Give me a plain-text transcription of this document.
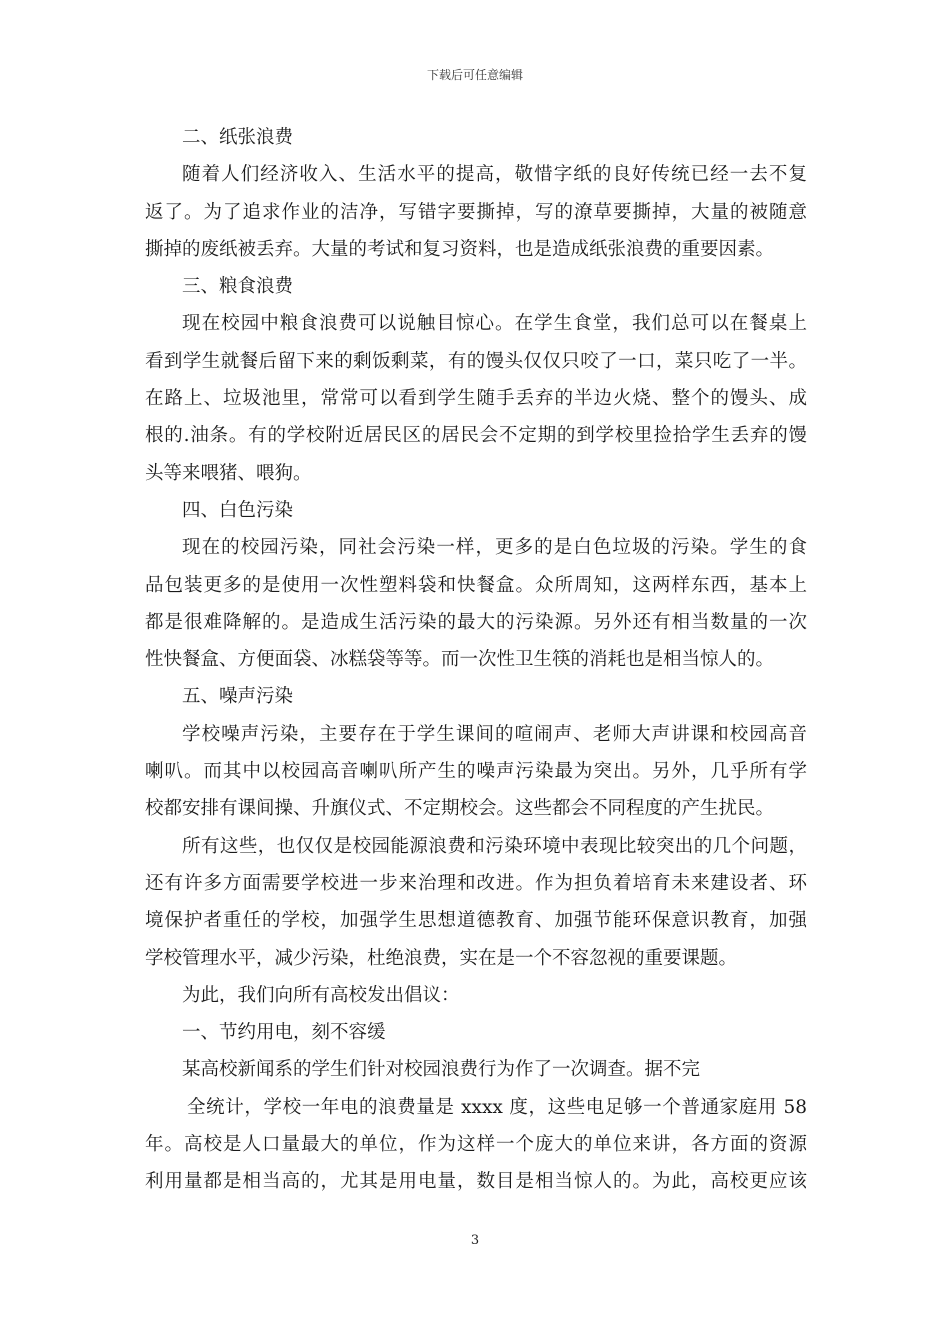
下载后可任意编辑
二、纸张浪费
随着人们经济收入、生活水平的提高，敬惜字纸的良好传统已经一去不复
返了。为了追求作业的洁净，写错字要撕掉，写的潦草要撕掉，大量的被随意
撕掉的废纸被丢弃。大量的考试和复习资料，也是造成纸张浪费的重要因素。
三、粮食浪费
现在校园中粮食浪费可以说触目惊心。在学生食堂，我们总可以在餐桌上
看到学生就餐后留下来的剩饭剩菜，有的馒头仅仅只咬了一口，菜只吃了一半。
在路上、垃圾池里，常常可以看到学生随手丢弃的半边火烧、整个的馒头、成
根的.油条。有的学校附近居民区的居民会不定期的到学校里捡拾学生丢弃的馒
头等来喂猪、喂狗。
四、白色污染
现在的校园污染，同社会污染一样，更多的是白色垃圾的污染。学生的食
品包装更多的是使用一次性塑料袋和快餐盒。众所周知，这两样东西，基本上
都是很难降解的。是造成生活污染的最大的污染源。另外还有相当数量的一次
性快餐盒、方便面袋、冰糕袋等等。而一次性卫生筷的消耗也是相当惊人的。
五、噪声污染
学校噪声污染，主要存在于学生课间的喧闹声、老师大声讲课和校园高音
喇叭。而其中以校园高音喇叭所产生的噪声污染最为突出。另外，几乎所有学
校都安排有课间操、升旗仪式、不定期校会。这些都会不同程度的产生扰民。
所有这些，也仅仅是校园能源浪费和污染环境中表现比较突出的几个问题，
还有许多方面需要学校进一步来治理和改进。作为担负着培育未来建设者、环
境保护者重任的学校，加强学生思想道德教育、加强节能环保意识教育，加强
学校管理水平，减少污染，杜绝浪费，实在是一个不容忽视的重要课题。
为此，我们向所有高校发出倡议：
一、节约用电，刻不容缓
某高校新闻系的学生们针对校园浪费行为作了一次调查。据不完
全统计，学校一年电的浪费量是 xxxx 度，这些电足够一个普通家庭用 58
年。高校是人口量最大的单位，作为这样一个庞大的单位来讲，各方面的资源
利用量都是相当高的，尤其是用电量，数目是相当惊人的。为此，高校更应该
3
